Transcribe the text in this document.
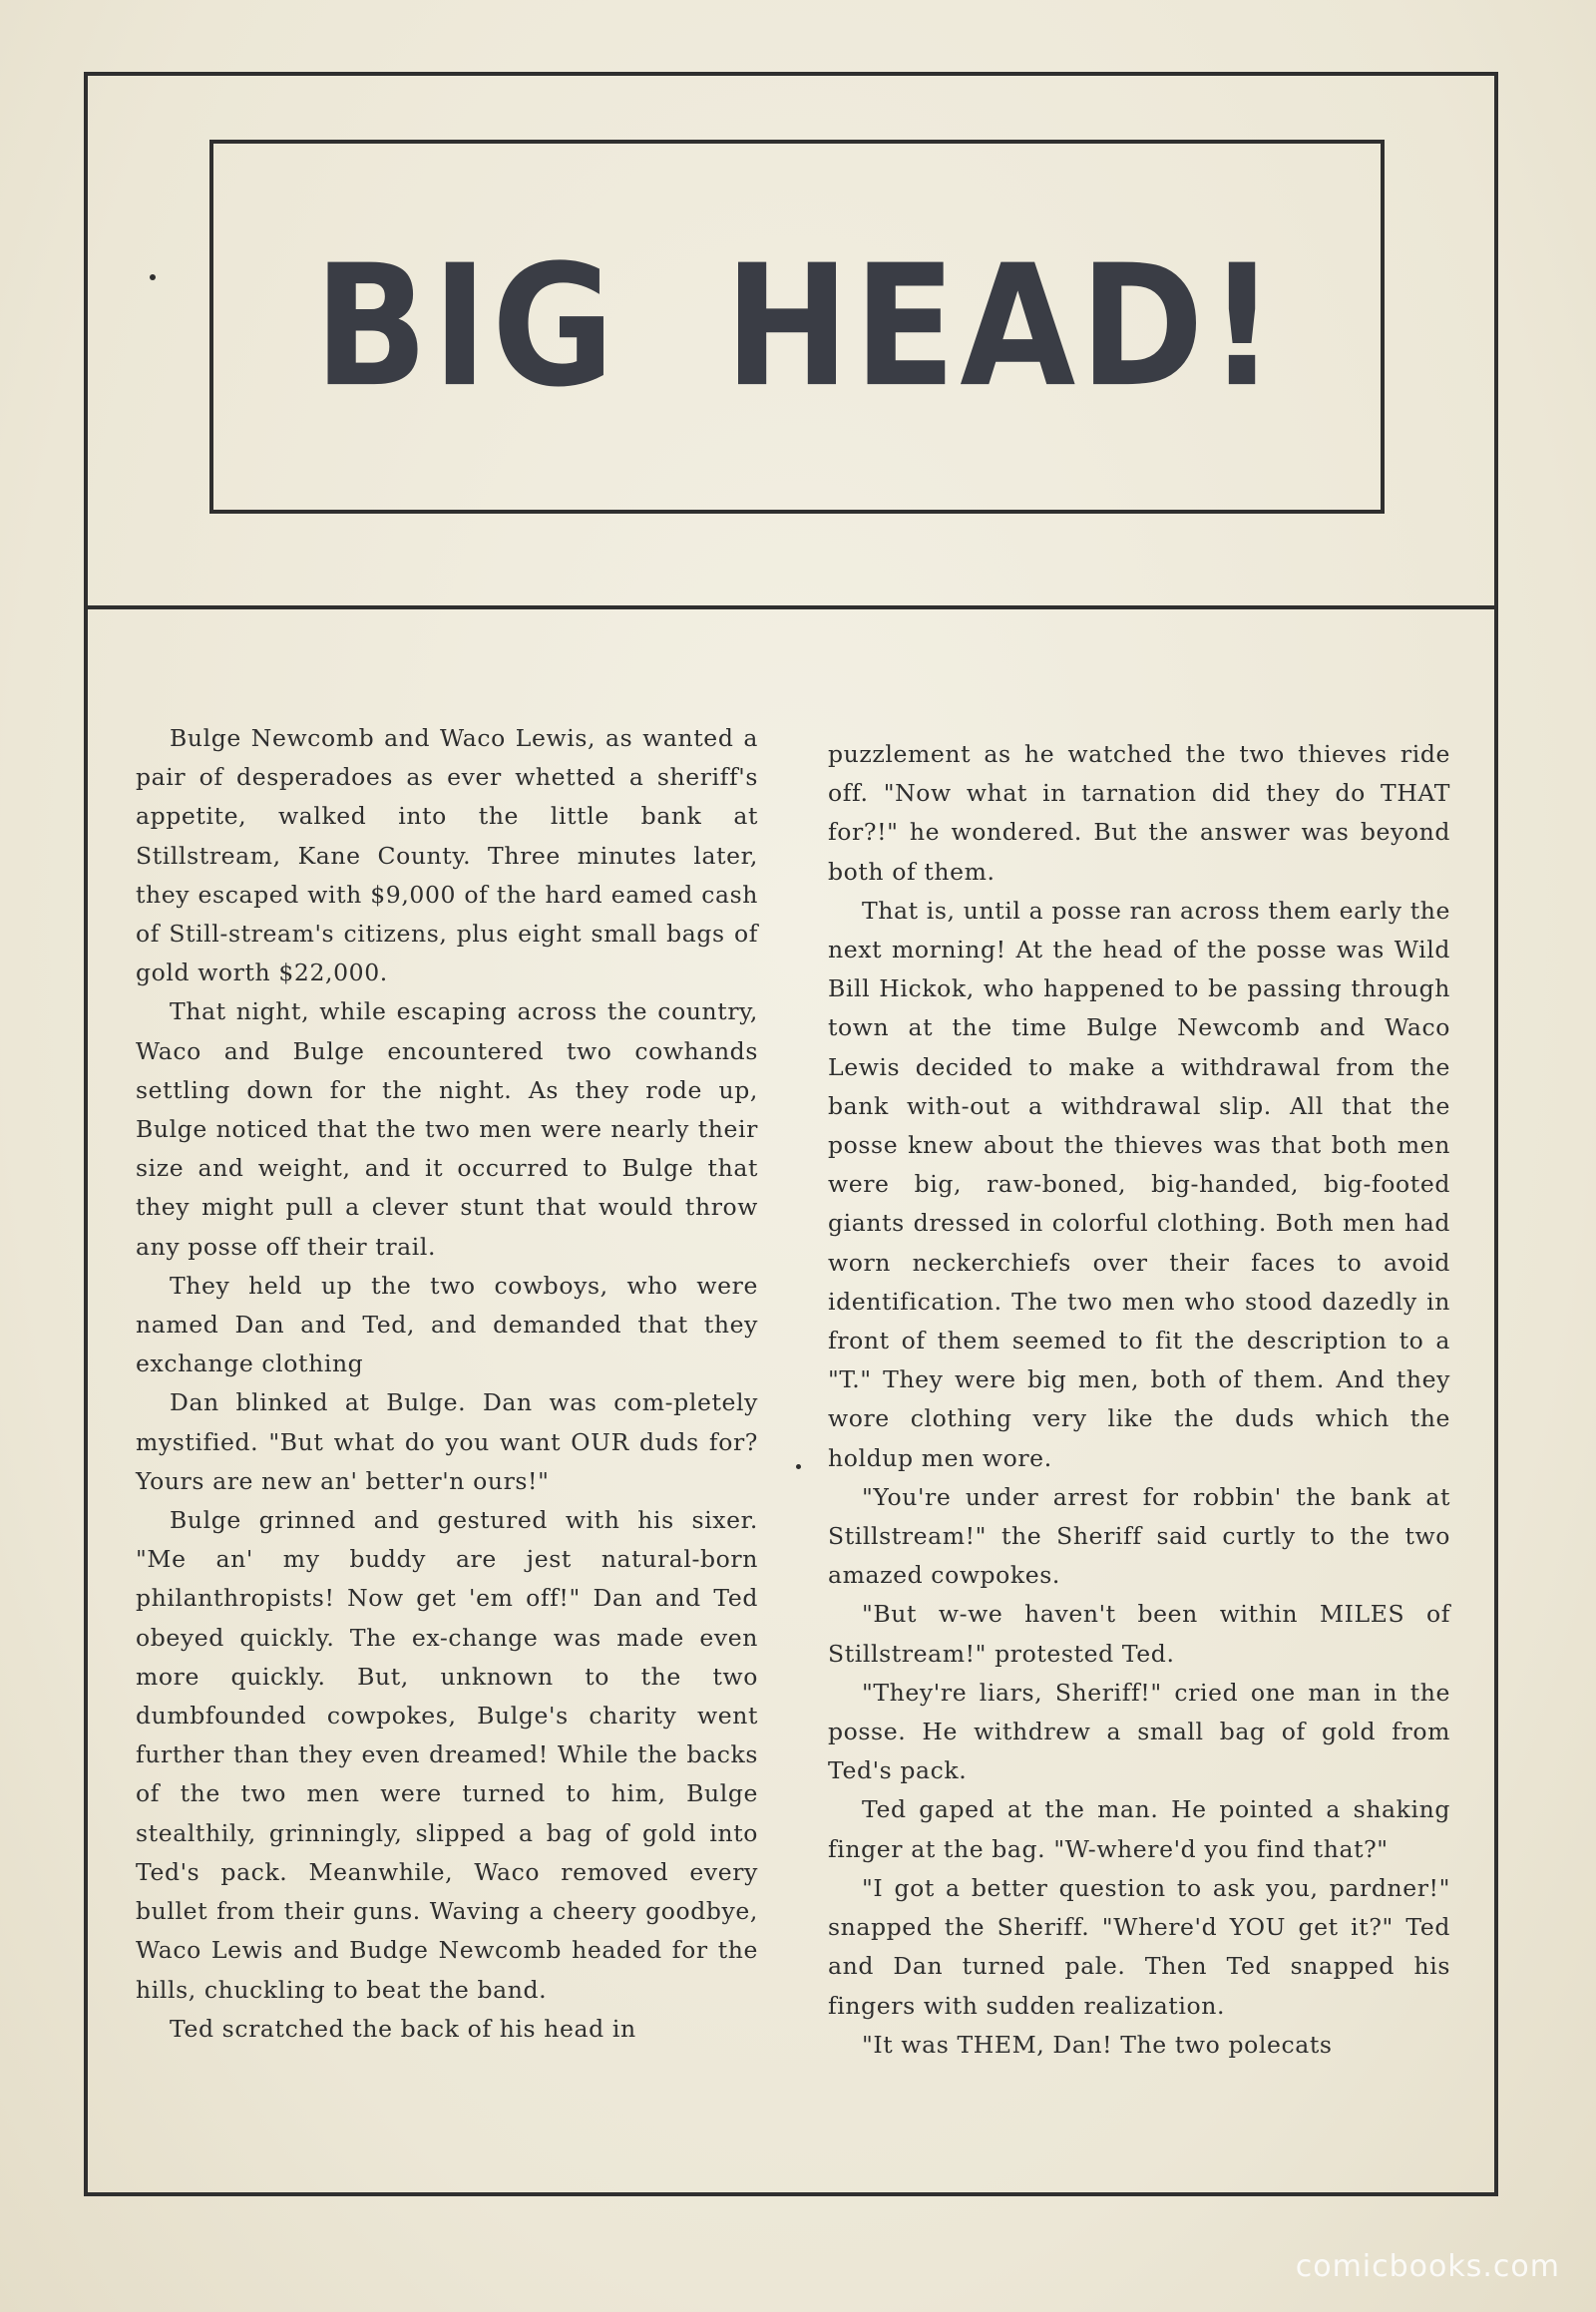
BIG HEAD!

Bulge Newcomb and Waco Lewis, as wanted a pair of desperadoes as ever whetted a sheriff's appetite, walked into the little bank at Stillstream, Kane County. Three minutes later, they escaped with $9,000 of the hard eamed cash of Still-stream's citizens, plus eight small bags of gold worth $22,000.

That night, while escaping across the country, Waco and Bulge encountered two cowhands settling down for the night. As they rode up, Bulge noticed that the two men were nearly their size and weight, and it occurred to Bulge that they might pull a clever stunt that would throw any posse off their trail.

They held up the two cowboys, who were named Dan and Ted, and demanded that they exchange clothing

Dan blinked at Bulge. Dan was com-pletely mystified. "But what do you want OUR duds for? Yours are new an' better'n ours!"

Bulge grinned and gestured with his sixer. "Me an' my buddy are jest natural-born philanthropists! Now get 'em off!" Dan and Ted obeyed quickly. The ex-change was made even more quickly. But, unknown to the two dumbfounded cowpokes, Bulge's charity went further than they even dreamed! While the backs of the two men were turned to him, Bulge stealthily, grinningly, slipped a bag of gold into Ted's pack. Meanwhile, Waco removed every bullet from their guns. Waving a cheery goodbye, Waco Lewis and Budge Newcomb headed for the hills, chuckling to beat the band.

Ted scratched the back of his head in

puzzlement as he watched the two thieves ride off. "Now what in tarnation did they do THAT for?!" he wondered. But the answer was beyond both of them.

That is, until a posse ran across them early the next morning! At the head of the posse was Wild Bill Hickok, who happened to be passing through town at the time Bulge Newcomb and Waco Lewis decided to make a withdrawal from the bank with-out a withdrawal slip. All that the posse knew about the thieves was that both men were big, raw-boned, big-handed, big-footed giants dressed in colorful clothing. Both men had worn neckerchiefs over their faces to avoid identification. The two men who stood dazedly in front of them seemed to fit the description to a "T." They were big men, both of them. And they wore clothing very like the duds which the holdup men wore.

"You're under arrest for robbin' the bank at Stillstream!" the Sheriff said curtly to the two amazed cowpokes.

"But w-we haven't been within MILES of Stillstream!" protested Ted.

"They're liars, Sheriff!" cried one man in the posse. He withdrew a small bag of gold from Ted's pack.

Ted gaped at the man. He pointed a shaking finger at the bag. "W-where'd you find that?"

"I got a better question to ask you, pardner!" snapped the Sheriff. "Where'd YOU get it?" Ted and Dan turned pale. Then Ted snapped his fingers with sudden realization.

"It was THEM, Dan! The two polecats

comicbooks.com
